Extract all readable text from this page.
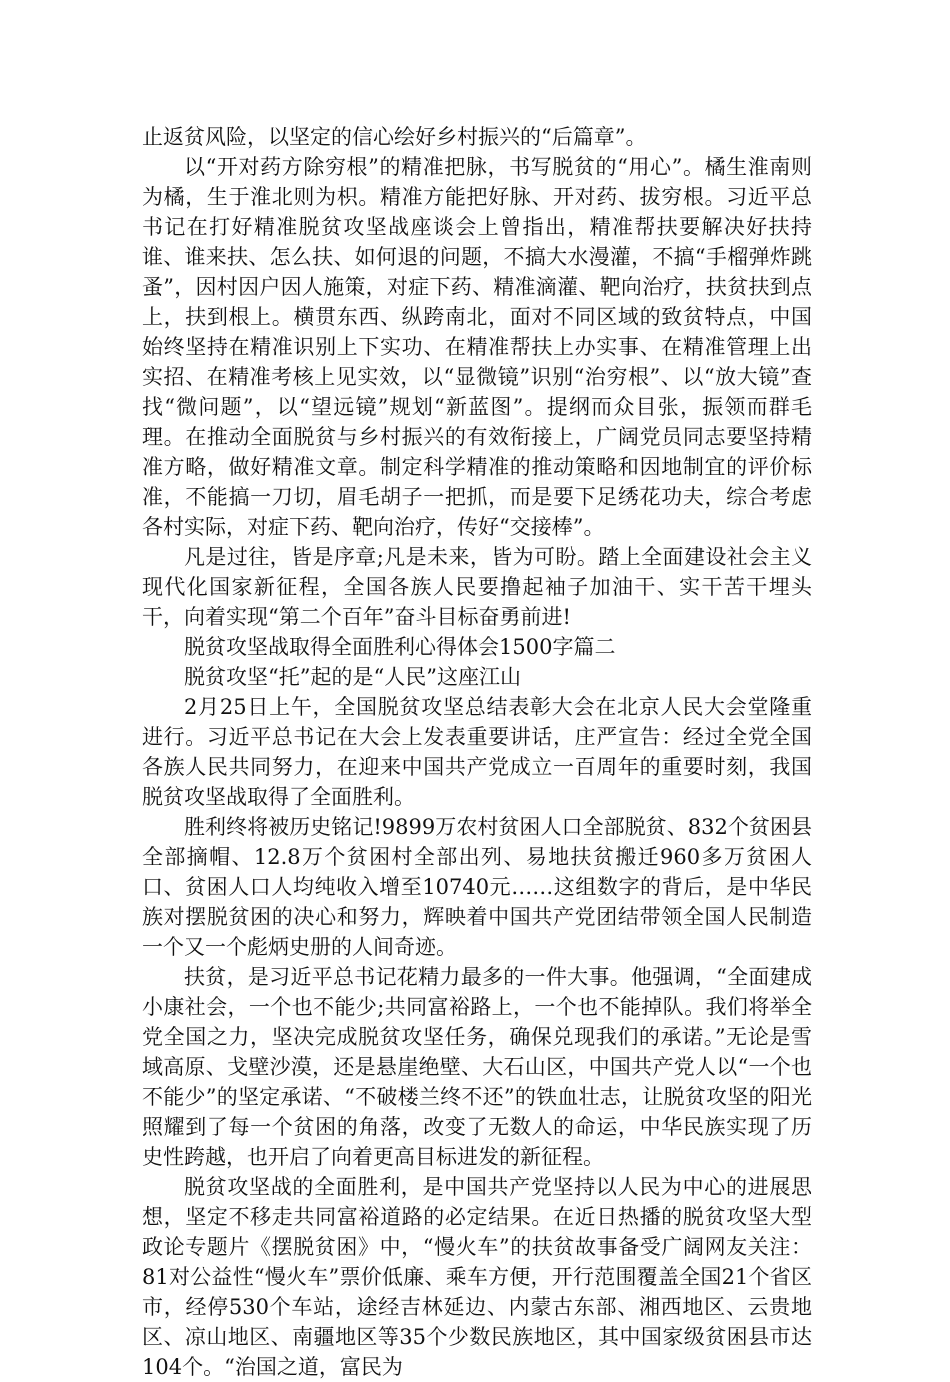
止返贫风险，以坚定的信心绘好乡村振兴的“后篇章”。

以“开对药方除穷根”的精准把脉，书写脱贫的“用心”。橘生淮南则为橘，生于淮北则为枳。精准方能把好脉、开对药、拔穷根。习近平总书记在打好精准脱贫攻坚战座谈会上曾指出，精准帮扶要解决好扶持谁、谁来扶、怎么扶、如何退的问题，不搞大水漫灌，不搞“手榴弹炸跳蚤”，因村因户因人施策，对症下药、精准滴灌、靶向治疗，扶贫扶到点上，扶到根上。横贯东西、纵跨南北，面对不同区域的致贫特点，中国始终坚持在精准识别上下实功、在精准帮扶上办实事、在精准管理上出实招、在精准考核上见实效，以“显微镜”识别“治穷根”、以“放大镜”查找“微问题”，以“望远镜”规划“新蓝图”。提纲而众目张，振领而群毛理。在推动全面脱贫与乡村振兴的有效衔接上，广阔党员同志要坚持精准方略，做好精准文章。制定科学精准的推动策略和因地制宜的评价标准，不能搞一刀切，眉毛胡子一把抓，而是要下足绣花功夫，综合考虑各村实际，对症下药、靶向治疗，传好“交接棒”。

凡是过往，皆是序章;凡是未来，皆为可盼。踏上全面建设社会主义现代化国家新征程，全国各族人民要撸起袖子加油干、实干苦干埋头干，向着实现“第二个百年”奋斗目标奋勇前进!

脱贫攻坚战取得全面胜利心得体会1500字篇二

脱贫攻坚“托”起的是“人民”这座江山

2月25日上午，全国脱贫攻坚总结表彰大会在北京人民大会堂隆重进行。习近平总书记在大会上发表重要讲话，庄严宣告：经过全党全国各族人民共同努力，在迎来中国共产党成立一百周年的重要时刻，我国脱贫攻坚战取得了全面胜利。

胜利终将被历史铭记!9899万农村贫困人口全部脱贫、832个贫困县全部摘帽、12.8万个贫困村全部出列、易地扶贫搬迁960多万贫困人口、贫困人口人均纯收入增至10740元……这组数字的背后，是中华民族对摆脱贫困的决心和努力，辉映着中国共产党团结带领全国人民制造一个又一个彪炳史册的人间奇迹。

扶贫，是习近平总书记花精力最多的一件大事。他强调，“全面建成小康社会，一个也不能少;共同富裕路上，一个也不能掉队。我们将举全党全国之力，坚决完成脱贫攻坚任务，确保兑现我们的承诺。”无论是雪域高原、戈壁沙漠，还是悬崖绝壁、大石山区，中国共产党人以“一个也不能少”的坚定承诺、“不破楼兰终不还”的铁血壮志，让脱贫攻坚的阳光照耀到了每一个贫困的角落，改变了无数人的命运，中华民族实现了历史性跨越，也开启了向着更高目标进发的新征程。

脱贫攻坚战的全面胜利，是中国共产党坚持以人民为中心的进展思想，坚定不移走共同富裕道路的必定结果。在近日热播的脱贫攻坚大型政论专题片《摆脱贫困》中，“慢火车”的扶贫故事备受广阔网友关注：81对公益性“慢火车”票价低廉、乘车方便，开行范围覆盖全国21个省区市，经停530个车站，途经吉林延边、内蒙古东部、湘西地区、云贵地区、凉山地区、南疆地区等35个少数民族地区，其中国家级贫困县市达104个。“治国之道，富民为
